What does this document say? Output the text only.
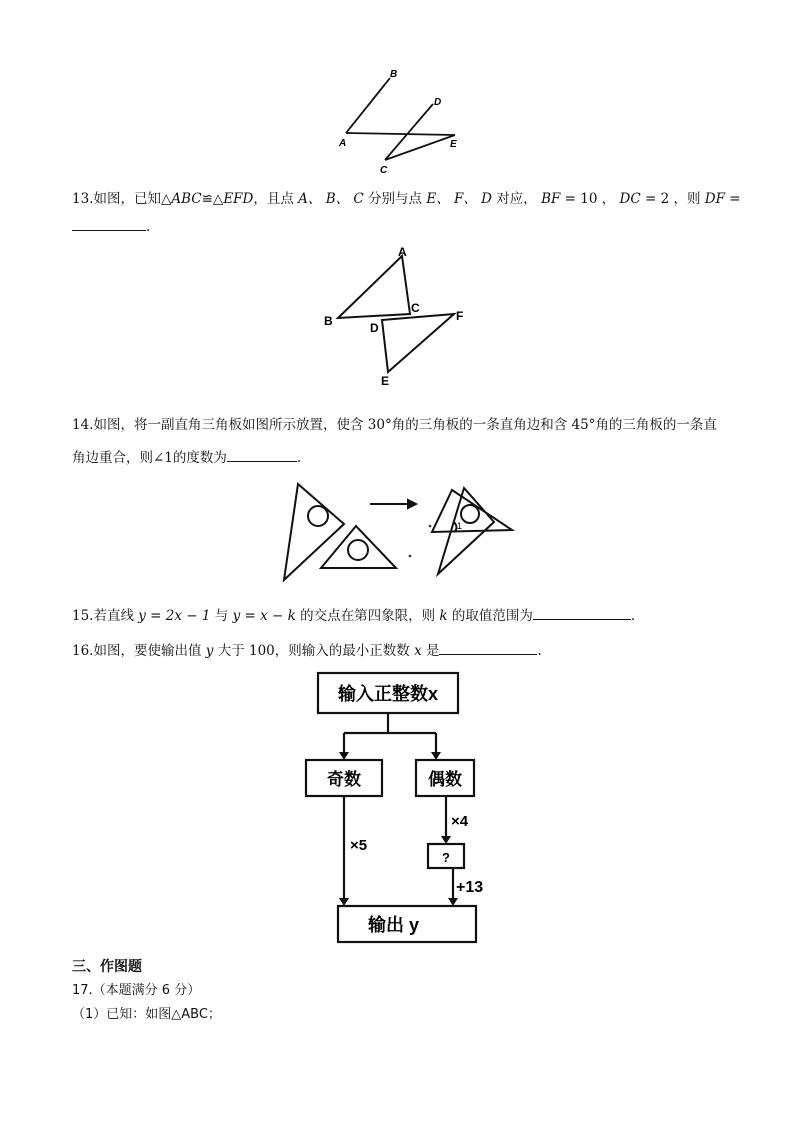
B
D
A	E
C
13.如图，已知△ABC≌△EFD，且点 A、 B、 C 分别与点 E、 F、 D 对应， BF = 10 ， DC = 2 ，则 DF =
.
A
B
C
D
F
E
14.如图，将一副直角三角板如图所示放置，使含 30°角的三角板的一条直角边和含 45°角的三角板的一条直
角边重合，则∠1的度数为	.
1
15.若直线 y = 2x − 1 与 y = x − k 的交点在第四象限，则 k 的取值范围为	.
16.如图，要使输出值 y 大于 100，则输入的最小正数数 x 是	.
输入正整数x
奇数	偶数
×5
×4
?
+13
输出 y
三、作图题
17.（本题满分 6 分）
（1）已知：如图△ABC；
